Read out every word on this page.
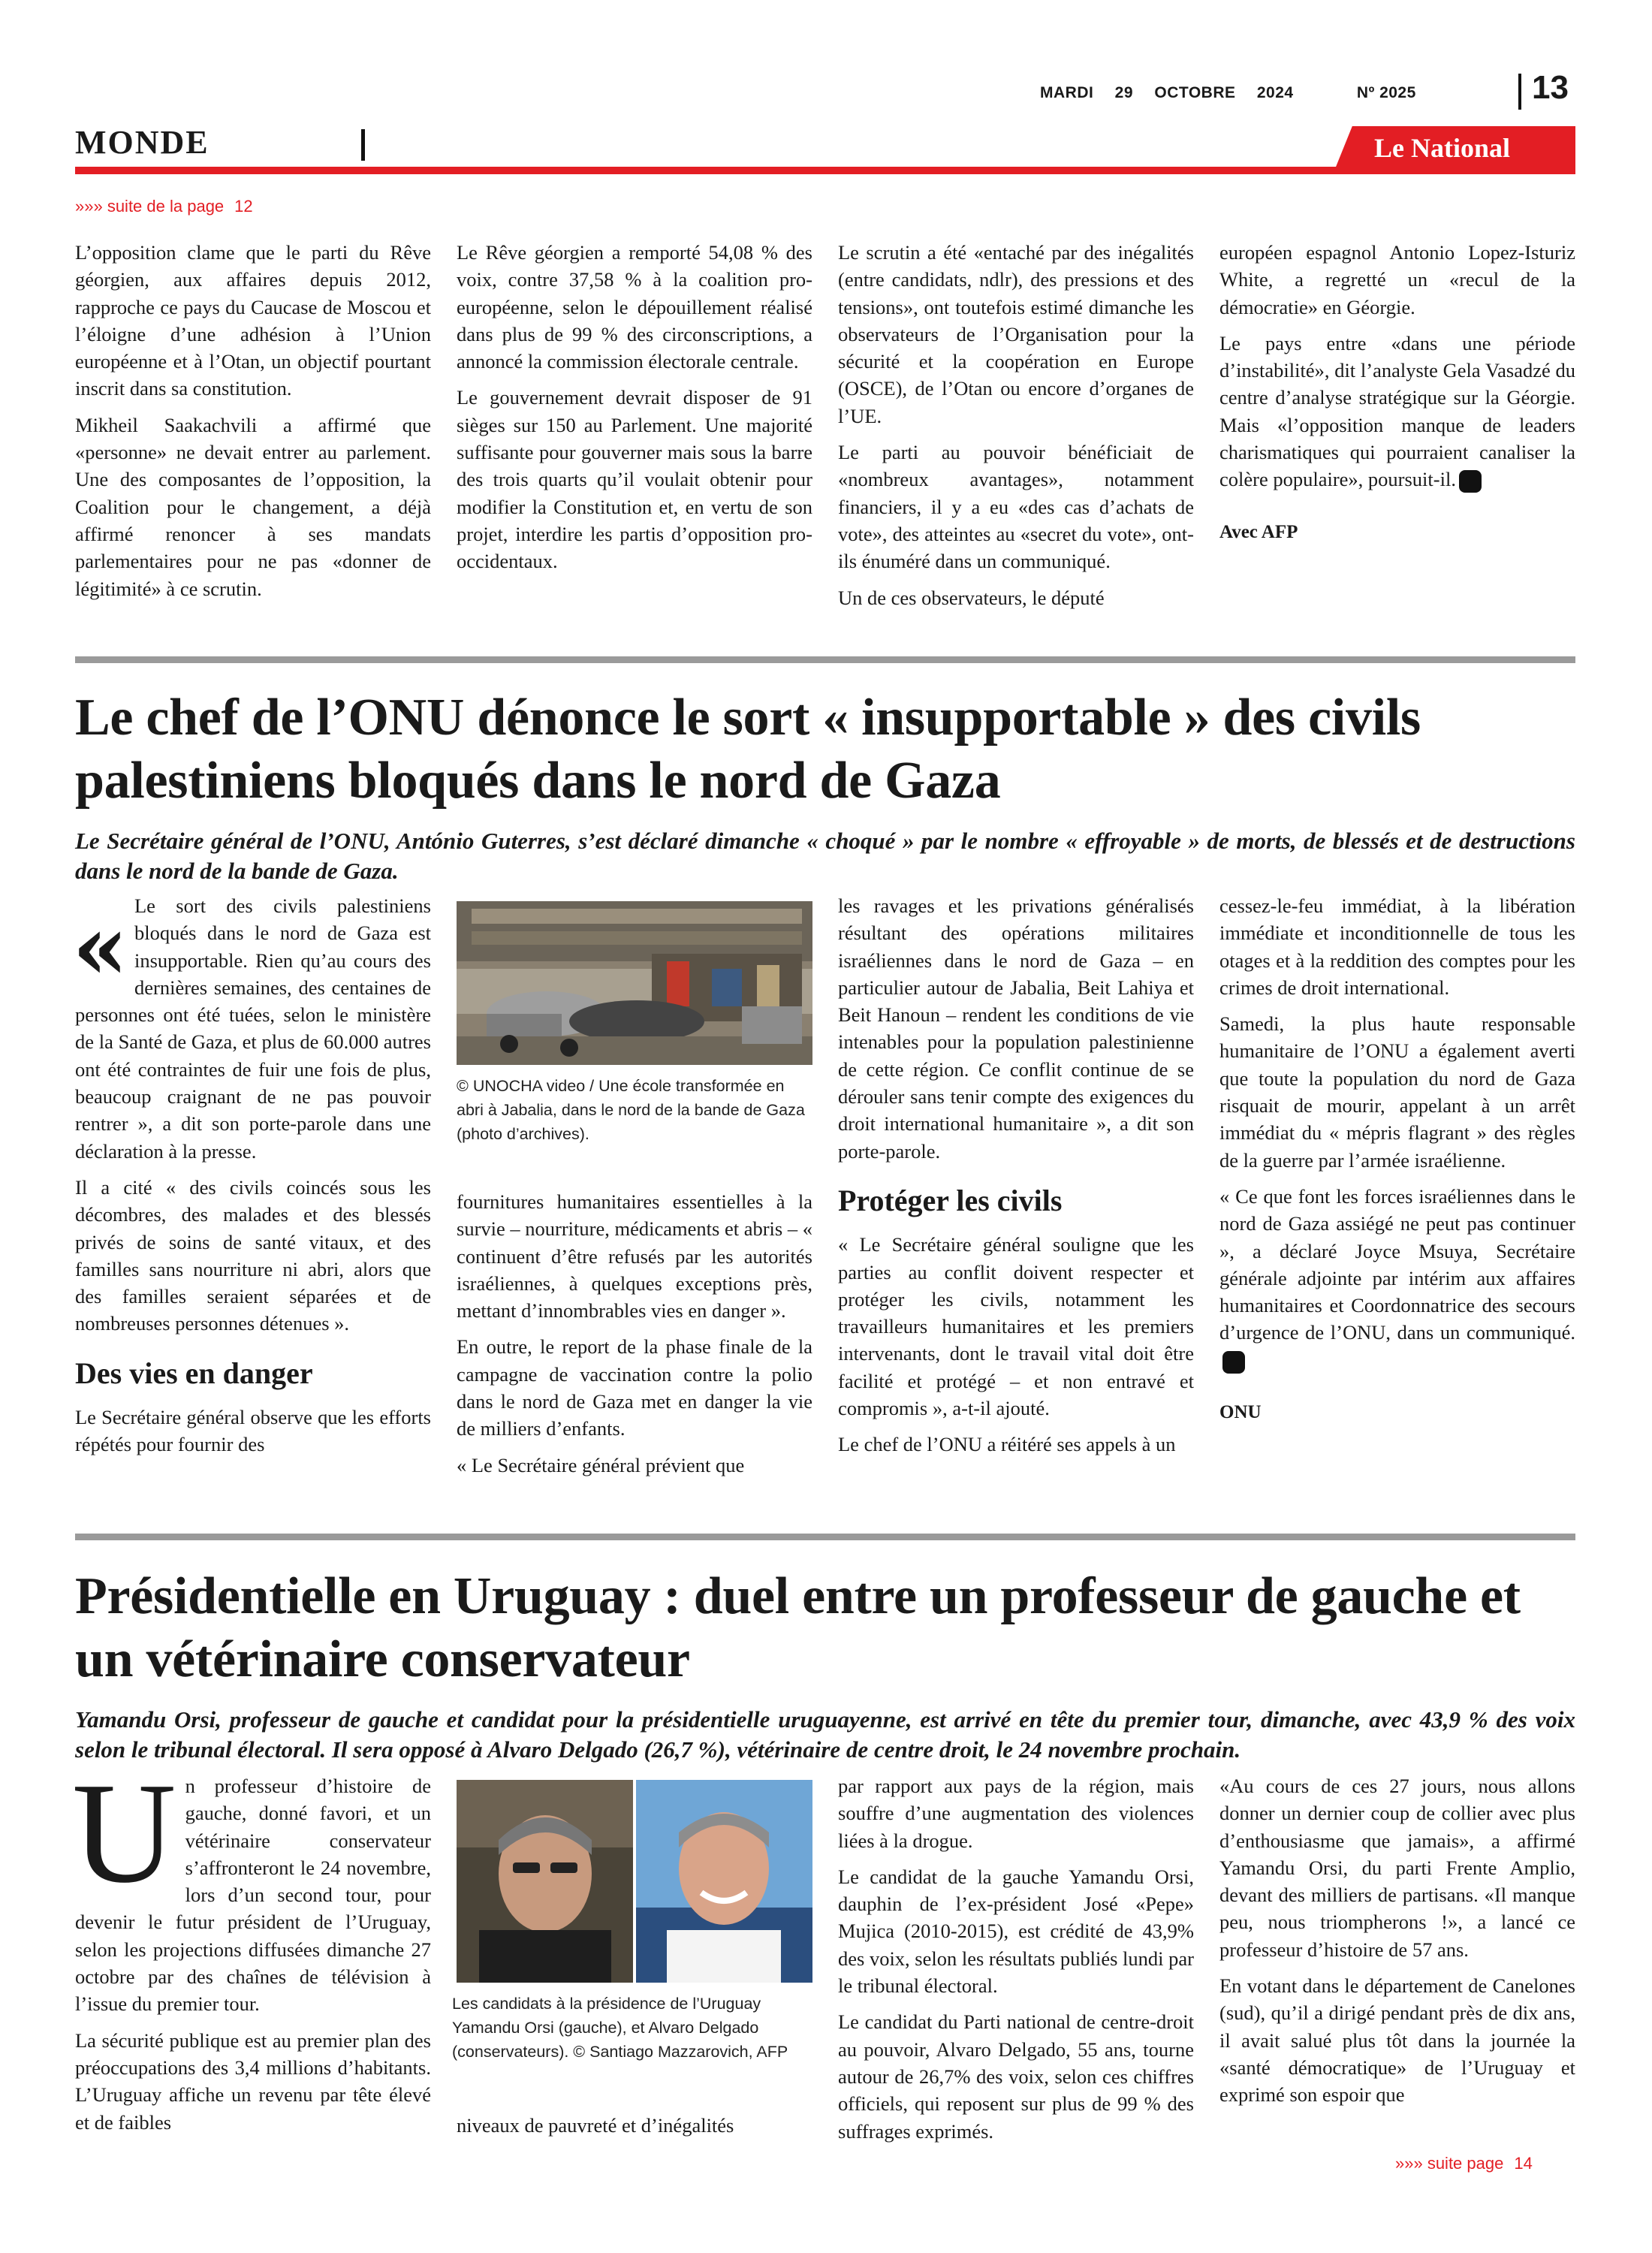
MARDI 29 OCTOBRE 2024	Nº 2025	13
MONDE	Le National
»»» suite de la page 12

L’opposition clame que le parti du Rêve géorgien, aux affaires depuis 2012, rapproche ce pays du Caucase de Moscou et l’éloigne d’une adhésion à l’Union européenne et à l’Otan, un objectif pourtant inscrit dans sa constitution.

Mikheil Saakachvili a affirmé que «personne» ne devait entrer au parlement. Une des composantes de l’opposition, la Coalition pour le changement, a déjà affirmé renoncer à ses mandats parlementaires pour ne pas «donner de légitimité» à ce scrutin.

Le Rêve géorgien a remporté 54,08 % des voix, contre 37,58 % à la coalition pro-européenne, selon le dépouillement réalisé dans plus de 99 % des circonscriptions, a annoncé la commission électorale centrale.

Le gouvernement devrait disposer de 91 sièges sur 150 au Parlement. Une majorité suffisante pour gouverner mais sous la barre des trois quarts qu’il voulait obtenir pour modifier la Constitution et, en vertu de son projet, interdire les partis d’opposition pro-occidentaux.

Le scrutin a été «entaché par des inégalités (entre candidats, ndlr), des pressions et des tensions», ont toutefois estimé dimanche les observateurs de l’Organisation pour la sécurité et la coopération en Europe (OSCE), de l’Otan ou encore d’organes de l’UE.

Le parti au pouvoir bénéficiait de «nombreux avantages», notamment financiers, il y a eu «des cas d’achats de vote», des atteintes au «secret du vote», ont-ils énuméré dans un communiqué.

Un de ces observateurs, le député

européen espagnol Antonio Lopez-Isturiz White, a regretté un «recul de la démocratie» en Géorgie.

Le pays entre «dans une période d’instabilité», dit l’analyste Gela Vasadzé du centre d’analyse stratégique sur la Géorgie. Mais «l’opposition manque de leaders charismatiques qui pourraient canaliser la colère populaire», poursuit-il.

Avec AFP

Le chef de l’ONU dénonce le sort « insupportable » des civils palestiniens bloqués dans le nord de Gaza

Le Secrétaire général de l’ONU, António Guterres, s’est déclaré dimanche « choqué » par le nombre « effroyable » de morts, de blessés et de destructions dans le nord de la bande de Gaza.

« Le sort des civils palestiniens bloqués dans le nord de Gaza est insupportable. Rien qu’au cours des dernières semaines, des centaines de personnes ont été tuées, selon le ministère de la Santé de Gaza, et plus de 60.000 autres ont été contraintes de fuir une fois de plus, beaucoup craignant de ne pas pouvoir rentrer », a dit son porte-parole dans une déclaration à la presse.

Il a cité « des civils coincés sous les décombres, des malades et des blessés privés de soins de santé vitaux, et des familles sans nourriture ni abri, alors que des familles seraient séparées et de nombreuses personnes détenues ».

Des vies en danger

Le Secrétaire général observe que les efforts répétés pour fournir des

© UNOCHA video / Une école transformée en abri à Jabalia, dans le nord de la bande de Gaza (photo d’archives).

fournitures humanitaires essentielles à la survie – nourriture, médicaments et abris – « continuent d’être refusés par les autorités israéliennes, à quelques exceptions près, mettant d’innombrables vies en danger ».

En outre, le report de la phase finale de la campagne de vaccination contre la polio dans le nord de Gaza met en danger la vie de milliers d’enfants.

« Le Secrétaire général prévient que

les ravages et les privations généralisés résultant des opérations militaires israéliennes dans le nord de Gaza – en particulier autour de Jabalia, Beit Lahiya et Beit Hanoun – rendent les conditions de vie intenables pour la population palestinienne de cette région. Ce conflit continue de se dérouler sans tenir compte des exigences du droit international humanitaire », a dit son porte-parole.

Protéger les civils

« Le Secrétaire général souligne que les parties au conflit doivent respecter et protéger les civils, notamment les travailleurs humanitaires et les premiers intervenants, dont le travail vital doit être facilité et protégé – et non entravé et compromis », a-t-il ajouté.

Le chef de l’ONU a réitéré ses appels à un

cessez-le-feu immédiat, à la libération immédiate et inconditionnelle de tous les otages et à la reddition des comptes pour les crimes de droit international.

Samedi, la plus haute responsable humanitaire de l’ONU a également averti que toute la population du nord de Gaza risquait de mourir, appelant à un arrêt immédiat du « mépris flagrant » des règles de la guerre par l’armée israélienne.

« Ce que font les forces israéliennes dans le nord de Gaza assiégé ne peut pas continuer », a déclaré Joyce Msuya, Secrétaire générale adjointe par intérim aux affaires humanitaires et Coordonnatrice des secours d’urgence de l’ONU, dans un communiqué.

ONU

Présidentielle en Uruguay : duel entre un professeur de gauche et un vétérinaire conservateur

Yamandu Orsi, professeur de gauche et candidat pour la présidentielle uruguayenne, est arrivé en tête du premier tour, dimanche, avec 43,9 % des voix selon le tribunal électoral. Il sera opposé à Alvaro Delgado (26,7 %), vétérinaire de centre droit, le 24 novembre prochain.

Un professeur d’histoire de gauche, donné favori, et un vétérinaire conservateur s’affronteront le 24 novembre, lors d’un second tour, pour devenir le futur président de l’Uruguay, selon les projections diffusées dimanche 27 octobre par des chaînes de télévision à l’issue du premier tour.

La sécurité publique est au premier plan des préoccupations des 3,4 millions d’habitants. L’Uruguay affiche un revenu par tête élevé et de faibles

Les candidats à la présidence de l’Uruguay Yamandu Orsi (gauche), et Alvaro Delgado (conservateurs). © Santiago Mazzarovich, AFP

niveaux de pauvreté et d’inégalités

par rapport aux pays de la région, mais souffre d’une augmentation des violences liées à la drogue.

Le candidat de la gauche Yamandu Orsi, dauphin de l’ex-président José «Pepe» Mujica (2010-2015), est crédité de 43,9% des voix, selon les résultats publiés lundi par le tribunal électoral.

Le candidat du Parti national de centre-droit au pouvoir, Alvaro Delgado, 55 ans, tourne autour de 26,7% des voix, selon ces chiffres officiels, qui reposent sur plus de 99 % des suffrages exprimés.

«Au cours de ces 27 jours, nous allons donner un dernier coup de collier avec plus d’enthousiasme que jamais», a affirmé Yamandu Orsi, du parti Frente Amplio, devant des milliers de partisans. «Il manque peu, nous triompherons !», a lancé ce professeur d’histoire de 57 ans.

En votant dans le département de Canelones (sud), qu’il a dirigé pendant près de dix ans, il avait salué plus tôt dans la journée la «santé démocratique» de l’Uruguay et exprimé son espoir que

»»» suite page 14
